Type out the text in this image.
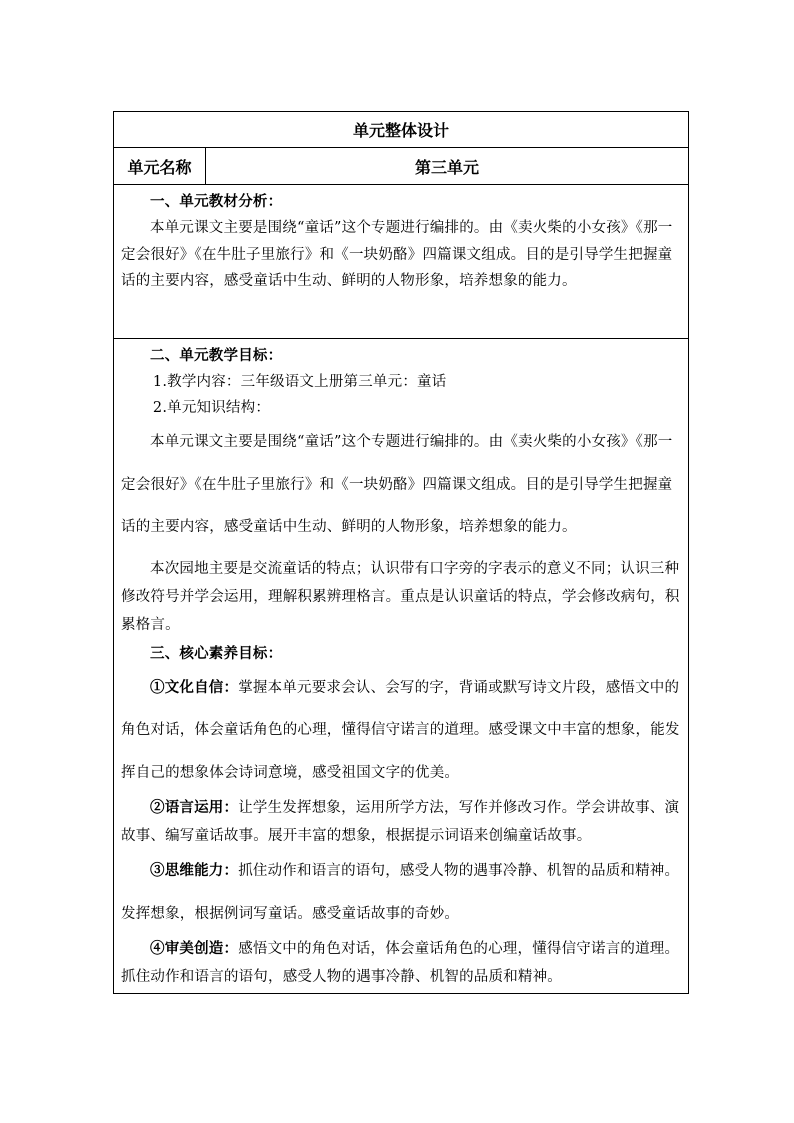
单元整体设计
单元名称	第三单元

一、单元教材分析：

本单元课文主要是围绕“童话”这个专题进行编排的。由《卖火柴的小女孩》《那一定会很好》《在牛肚子里旅行》和《一块奶酪》四篇课文组成。目的是引导学生把握童话的主要内容，感受童话中生动、鲜明的人物形象，培养想象的能力。

二、单元教学目标：

1.教学内容：三年级语文上册第三单元：童话

2.单元知识结构：

本单元课文主要是围绕“童话”这个专题进行编排的。由《卖火柴的小女孩》《那一定会很好》《在牛肚子里旅行》和《一块奶酪》四篇课文组成。目的是引导学生把握童话的主要内容，感受童话中生动、鲜明的人物形象，培养想象的能力。

本次园地主要是交流童话的特点；认识带有口字旁的字表示的意义不同；认识三种修改符号并学会运用，理解积累辨理格言。重点是认识童话的特点，学会修改病句，积累格言。

三、核心素养目标：

①文化自信：掌握本单元要求会认、会写的字，背诵或默写诗文片段，感悟文中的角色对话，体会童话角色的心理，懂得信守诺言的道理。感受课文中丰富的想象，能发挥自己的想象体会诗词意境，感受祖国文字的优美。

②语言运用：让学生发挥想象，运用所学方法，写作并修改习作。学会讲故事、演故事、编写童话故事。展开丰富的想象，根据提示词语来创编童话故事。

③思维能力：抓住动作和语言的语句，感受人物的遇事冷静、机智的品质和精神。 发挥想象，根据例词写童话。感受童话故事的奇妙。

④审美创造：感悟文中的角色对话，体会童话角色的心理，懂得信守诺言的道理。抓住动作和语言的语句，感受人物的遇事冷静、机智的品质和精神。
